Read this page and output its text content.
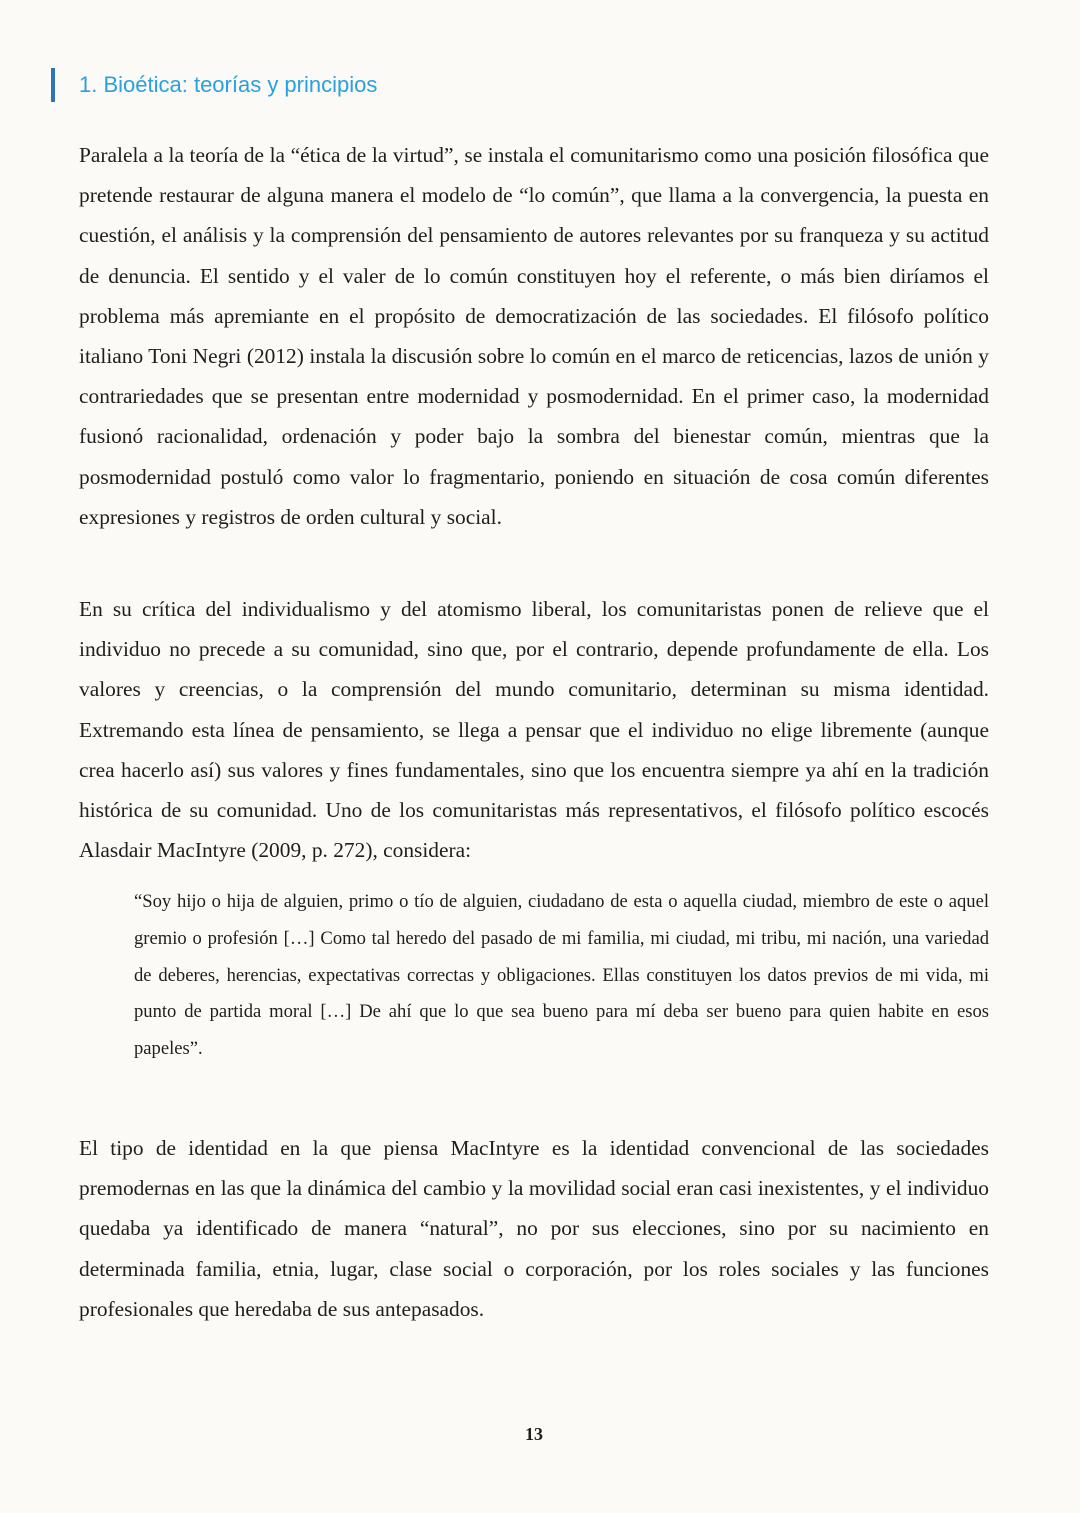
1. Bioética: teorías y principios

Paralela a la teoría de la “ética de la virtud”, se instala el comunitarismo como una posición filosófica que pretende restaurar de alguna manera el modelo de “lo común”, que llama a la convergencia, la puesta en cuestión, el análisis y la comprensión del pensamiento de autores relevantes por su franqueza y su actitud de denuncia. El sentido y el valer de lo común constituyen hoy el referente, o más bien diríamos el problema más apremiante en el propósito de democratización de las sociedades. El filósofo político italiano Toni Negri (2012) instala la discusión sobre lo común en el marco de reticencias, lazos de unión y contrariedades que se presentan entre modernidad y posmodernidad. En el primer caso, la modernidad fusionó racionalidad, ordenación y poder bajo la sombra del bienestar común, mientras que la posmodernidad postuló como valor lo fragmentario, poniendo en situación de cosa común diferentes expresiones y registros de orden cultural y social.

En su crítica del individualismo y del atomismo liberal, los comunitaristas ponen de relieve que el individuo no precede a su comunidad, sino que, por el contrario, depende profundamente de ella. Los valores y creencias, o la comprensión del mundo comunitario, determinan su misma identidad. Extremando esta línea de pensamiento, se llega a pensar que el individuo no elige libremente (aunque crea hacerlo así) sus valores y fines fundamentales, sino que los encuentra siempre ya ahí en la tradición histórica de su comunidad. Uno de los comunitaristas más representativos, el filósofo político escocés Alasdair MacIntyre (2009, p. 272), considera:

“Soy hijo o hija de alguien, primo o tío de alguien, ciudadano de esta o aquella ciudad, miembro de este o aquel gremio o profesión […] Como tal heredo del pasado de mi familia, mi ciudad, mi tribu, mi nación, una variedad de deberes, herencias, expectativas correctas y obligaciones. Ellas constituyen los datos previos de mi vida, mi punto de partida moral […] De ahí que lo que sea bueno para mí deba ser bueno para quien habite en esos papeles”.

El tipo de identidad en la que piensa MacIntyre es la identidad convencional de las sociedades premodernas en las que la dinámica del cambio y la movilidad social eran casi inexistentes, y el individuo quedaba ya identificado de manera “natural”, no por sus elecciones, sino por su nacimiento en determinada familia, etnia, lugar, clase social o corporación, por los roles sociales y las funciones profesionales que heredaba de sus antepasados.

13
